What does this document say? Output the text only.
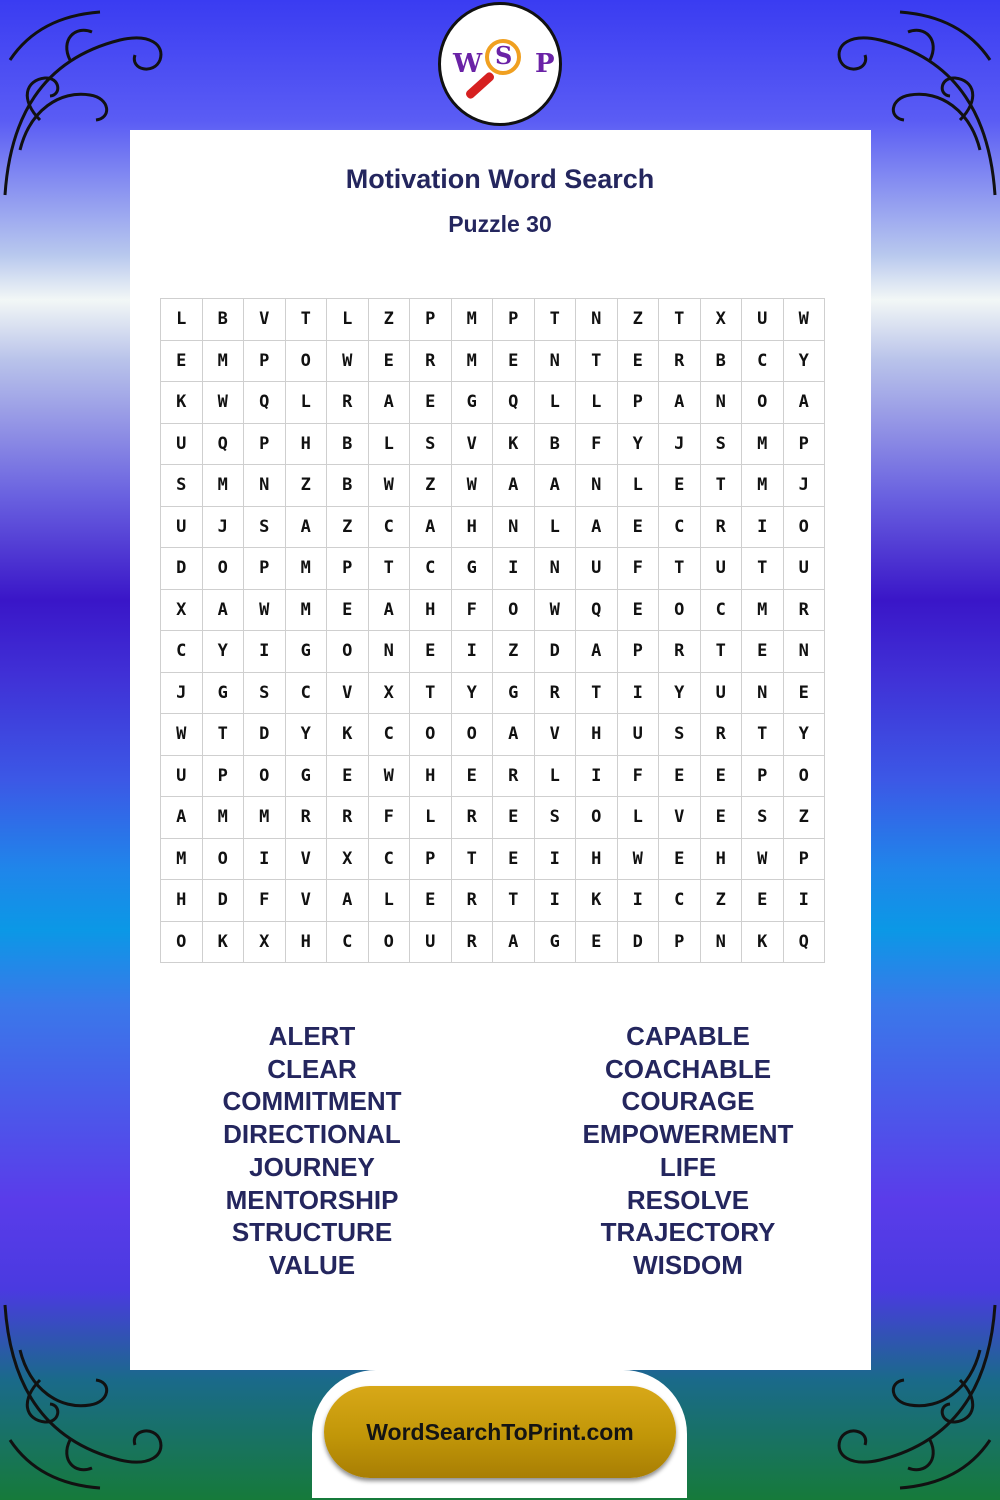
W S P
Motivation Word Search
Puzzle 30
L	B	V	T	L	Z	P	M	P	T	N	Z	T	X	U	W
E	M	P	O	W	E	R	M	E	N	T	E	R	B	C	Y
K	W	Q	L	R	A	E	G	Q	L	L	P	A	N	O	A
U	Q	P	H	B	L	S	V	K	B	F	Y	J	S	M	P
S	M	N	Z	B	W	Z	W	A	A	N	L	E	T	M	J
U	J	S	A	Z	C	A	H	N	L	A	E	C	R	I	O
D	O	P	M	P	T	C	G	I	N	U	F	T	U	T	U
X	A	W	M	E	A	H	F	O	W	Q	E	O	C	M	R
C	Y	I	G	O	N	E	I	Z	D	A	P	R	T	E	N
J	G	S	C	V	X	T	Y	G	R	T	I	Y	U	N	E
W	T	D	Y	K	C	O	O	A	V	H	U	S	R	T	Y
U	P	O	G	E	W	H	E	R	L	I	F	E	E	P	O
A	M	M	R	R	F	L	R	E	S	O	L	V	E	S	Z
M	O	I	V	X	C	P	T	E	I	H	W	E	H	W	P
H	D	F	V	A	L	E	R	T	I	K	I	C	Z	E	I
O	K	X	H	C	O	U	R	A	G	E	D	P	N	K	Q
ALERT
CLEAR
COMMITMENT
DIRECTIONAL
JOURNEY
MENTORSHIP
STRUCTURE
VALUE
CAPABLE
COACHABLE
COURAGE
EMPOWERMENT
LIFE
RESOLVE
TRAJECTORY
WISDOM
WordSearchToPrint.com
